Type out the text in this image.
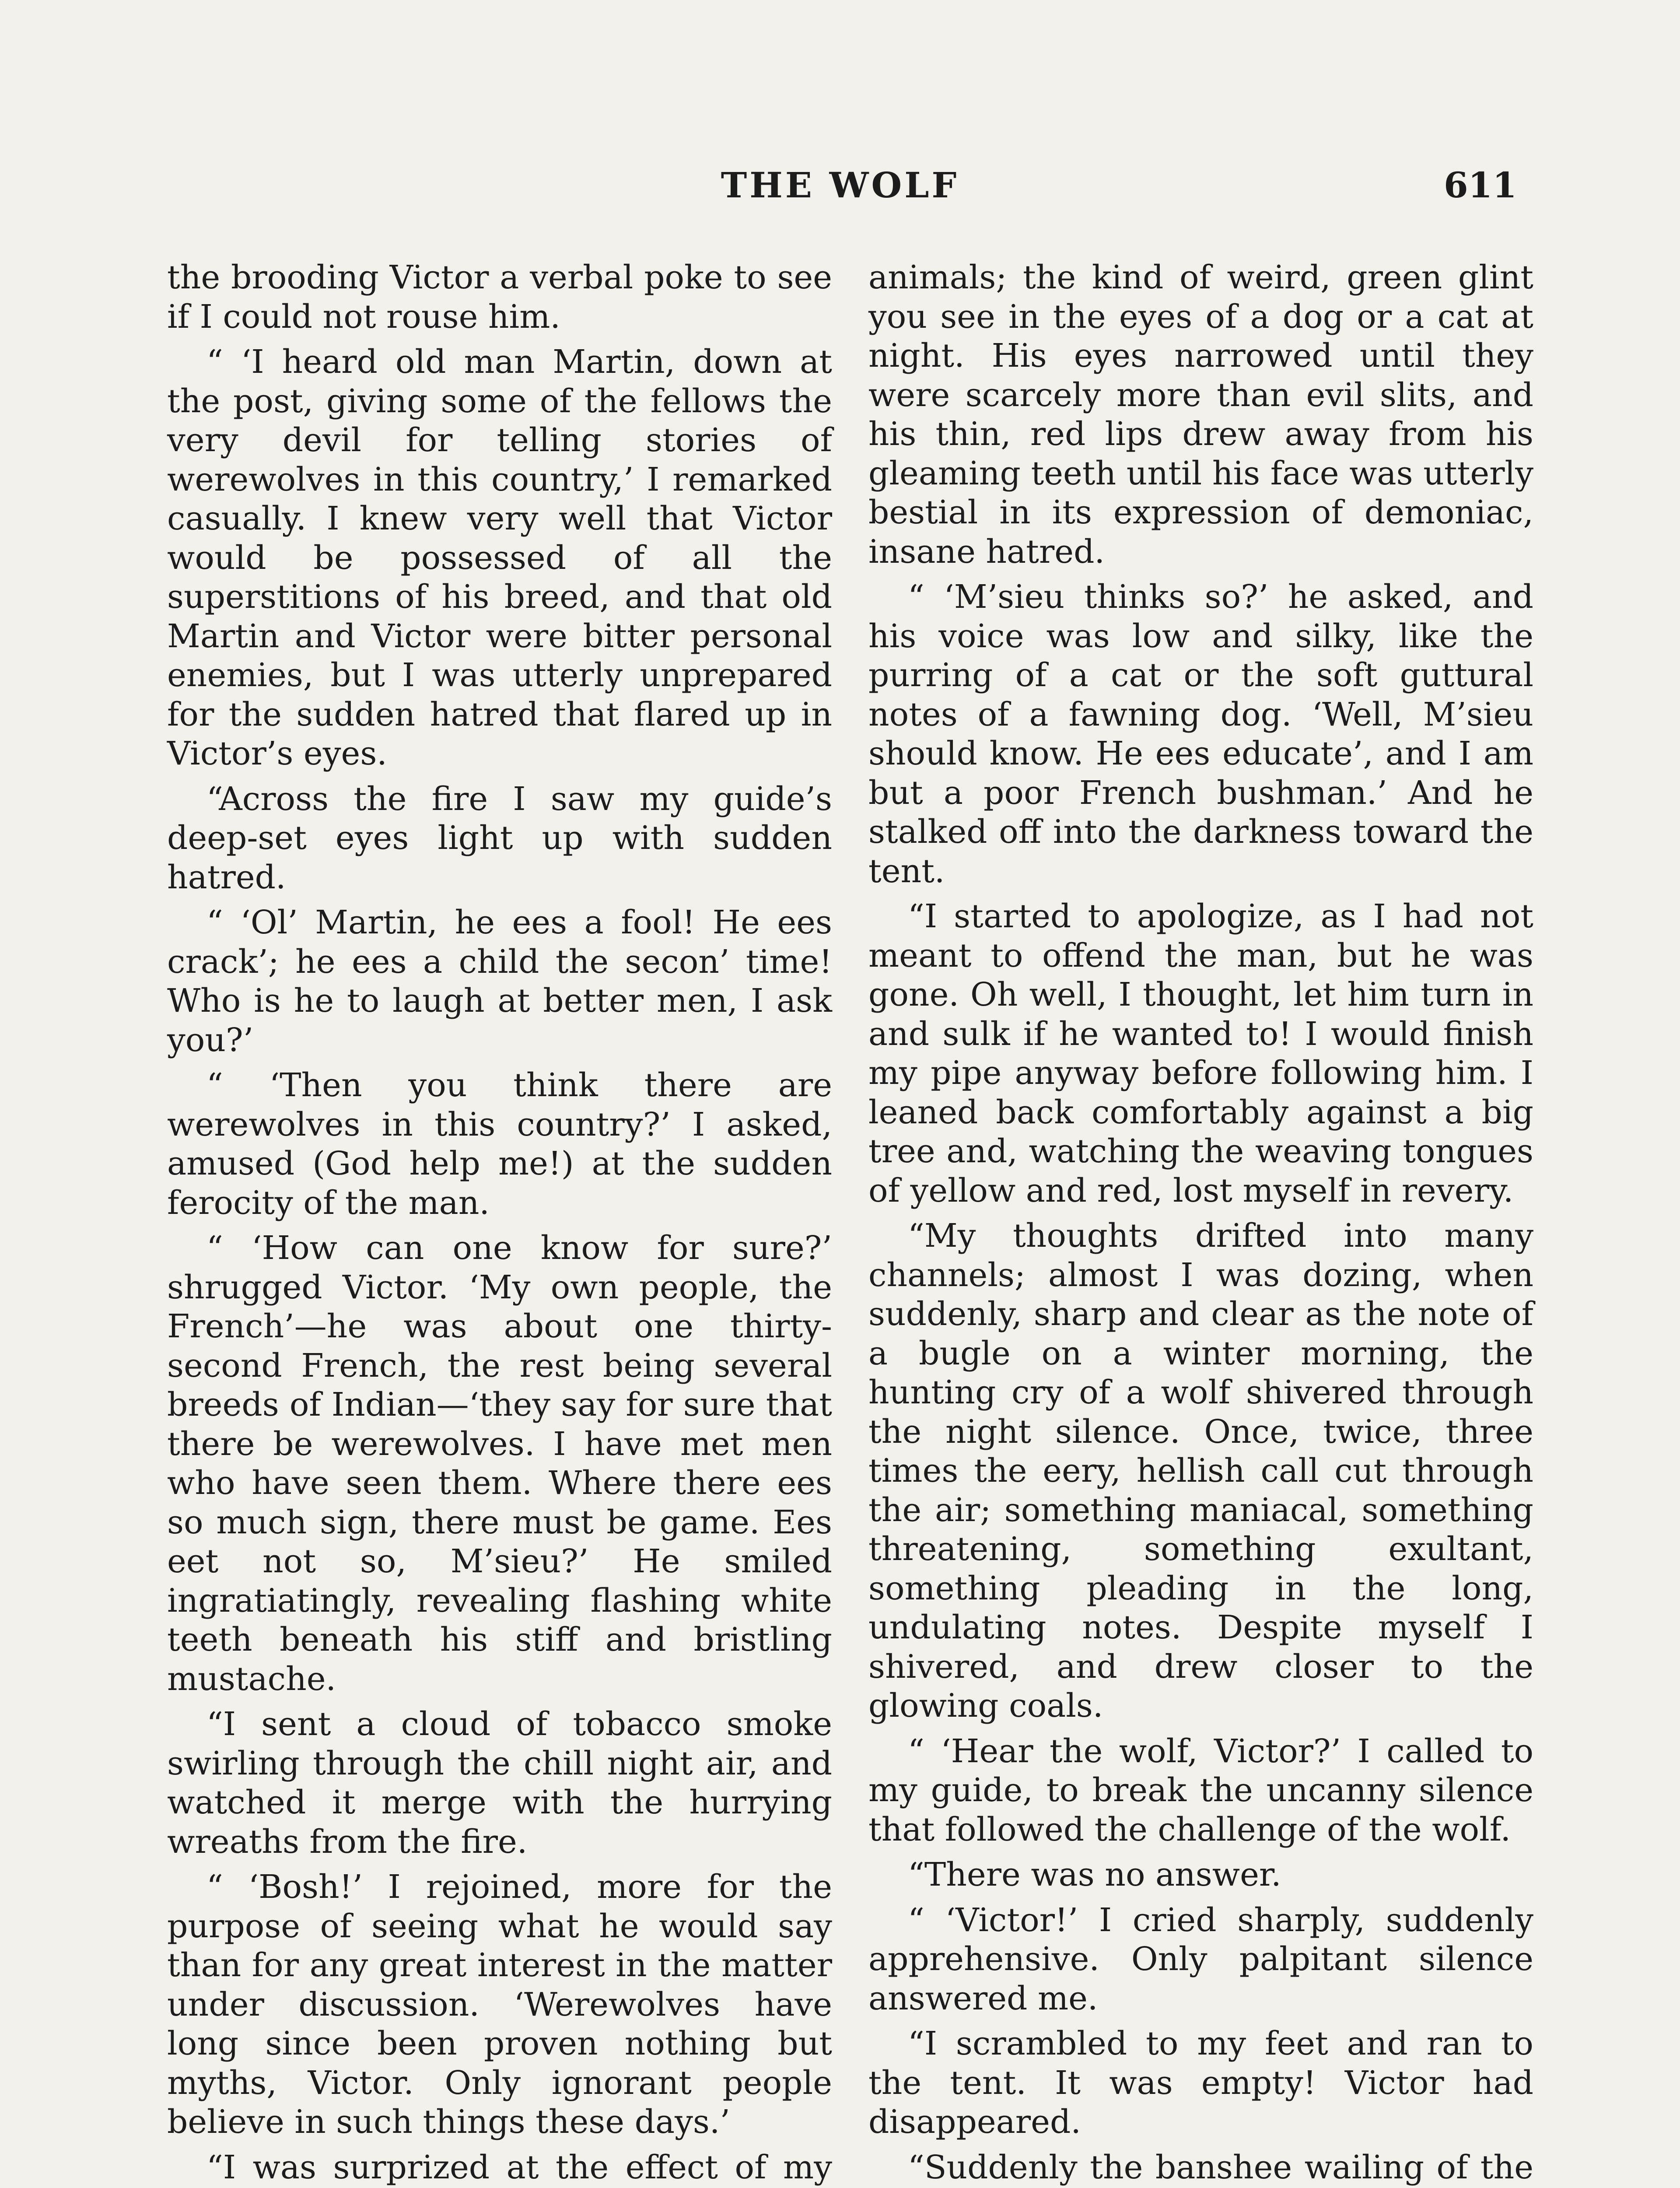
THE WOLF	611

the brooding Victor a verbal poke to see if I could not rouse him.

“ ‘I heard old man Martin, down at the post, giving some of the fellows the very devil for telling stories of werewolves in this country,’ I remarked casually. I knew very well that Victor would be possessed of all the superstitions of his breed, and that old Martin and Victor were bitter personal enemies, but I was utterly unprepared for the sudden hatred that flared up in Victor’s eyes.

“Across the fire I saw my guide’s deep-set eyes light up with sudden hatred.

“ ‘Ol’ Martin, he ees a fool! He ees crack’; he ees a child the secon’ time! Who is he to laugh at better men, I ask you?’

“ ‘Then you think there are werewolves in this country?’ I asked, amused (God help me!) at the sudden ferocity of the man.

“ ‘How can one know for sure?’ shrugged Victor. ‘My own people, the French’—he was about one thirty-second French, the rest being several breeds of Indian—‘they say for sure that there be werewolves. I have met men who have seen them. Where there ees so much sign, there must be game. Ees eet not so, M’sieu?’ He smiled ingratiatingly, revealing flashing white teeth beneath his stiff and bristling mustache.

“I sent a cloud of tobacco smoke swirling through the chill night air, and watched it merge with the hurrying wreaths from the fire.

“ ‘Bosh!’ I rejoined, more for the purpose of seeing what he would say than for any great interest in the matter under discussion. ‘Werewolves have long since been proven nothing but myths, Victor. Only ignorant people believe in such things these days.’

“I was surprized at the effect of my

animals; the kind of weird, green glint you see in the eyes of a dog or a cat at night. His eyes narrowed until they were scarcely more than evil slits, and his thin, red lips drew away from his gleaming teeth until his face was utterly bestial in its expression of demoniac, insane hatred.

“ ‘M’sieu thinks so?’ he asked, and his voice was low and silky, like the purring of a cat or the soft guttural notes of a fawning dog. ‘Well, M’sieu should know. He ees educate’, and I am but a poor French bushman.’ And he stalked off into the darkness toward the tent.

“I started to apologize, as I had not meant to offend the man, but he was gone. Oh well, I thought, let him turn in and sulk if he wanted to! I would finish my pipe anyway before following him. I leaned back comfortably against a big tree and, watching the weaving tongues of yellow and red, lost myself in revery.

“My thoughts drifted into many channels; almost I was dozing, when suddenly, sharp and clear as the note of a bugle on a winter morning, the hunting cry of a wolf shivered through the night silence. Once, twice, three times the eery, hellish call cut through the air; something maniacal, something threatening, something exultant, something pleading in the long, undulating notes. Despite myself I shivered, and drew closer to the glowing coals.

“ ‘Hear the wolf, Victor?’ I called to my guide, to break the uncanny silence that followed the challenge of the wolf.

“There was no answer.

“ ‘Victor!’ I cried sharply, suddenly apprehensive. Only palpitant silence answered me.

“I scrambled to my feet and ran to the tent. It was empty! Victor had disappeared.

“Suddenly the banshee wailing of the
